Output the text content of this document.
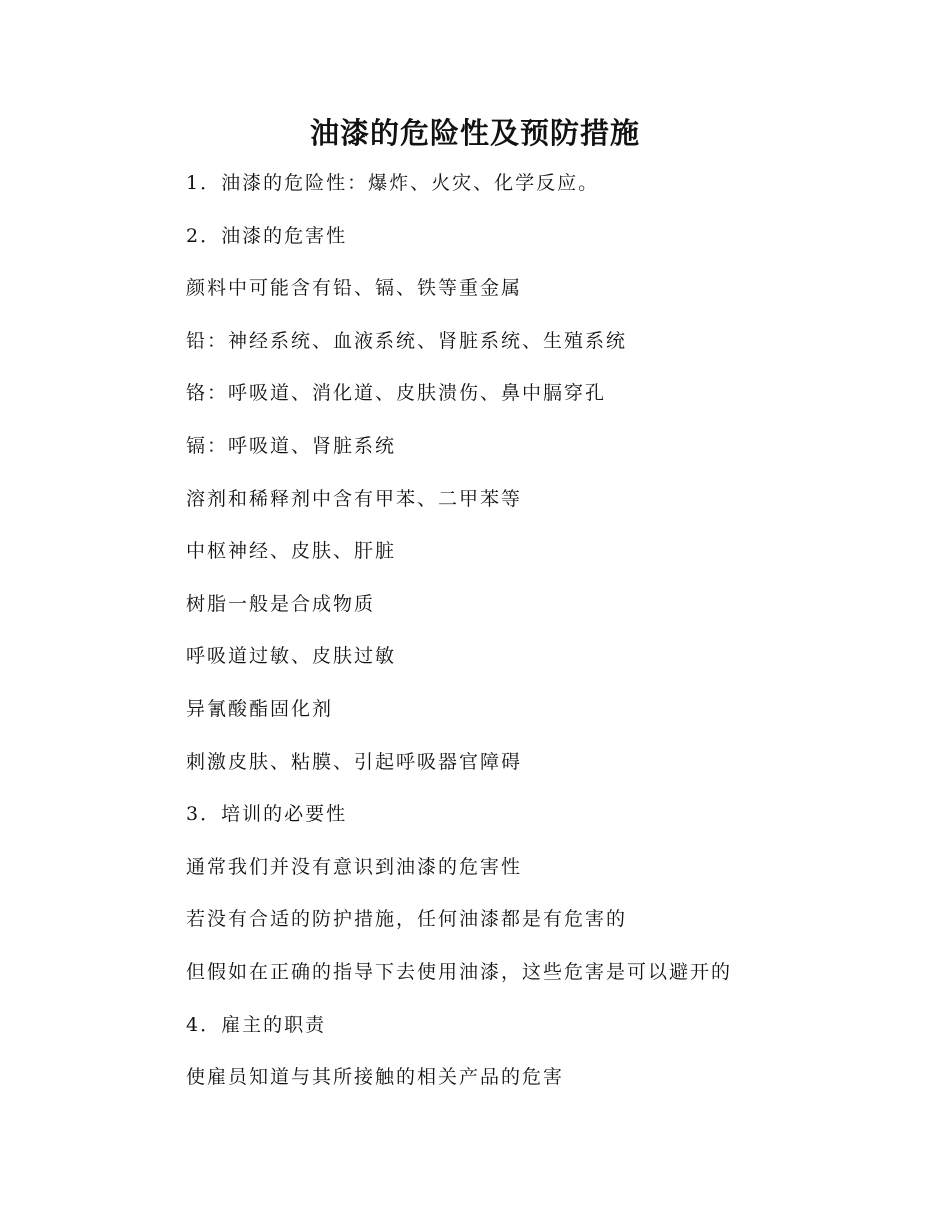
油漆的危险性及预防措施
1．油漆的危险性：爆炸、火灾、化学反应。
2．油漆的危害性
颜料中可能含有铅、镉、铁等重金属
铅：神经系统、血液系统、肾脏系统、生殖系统
铬：呼吸道、消化道、皮肤溃伤、鼻中膈穿孔
镉：呼吸道、肾脏系统
溶剂和稀释剂中含有甲苯、二甲苯等
中枢神经、皮肤、肝脏
树脂一般是合成物质
呼吸道过敏、皮肤过敏
异氰酸酯固化剂
刺激皮肤、粘膜、引起呼吸器官障碍
3．培训的必要性
通常我们并没有意识到油漆的危害性
若没有合适的防护措施，任何油漆都是有危害的
但假如在正确的指导下去使用油漆，这些危害是可以避开的
4．雇主的职责
使雇员知道与其所接触的相关产品的危害
